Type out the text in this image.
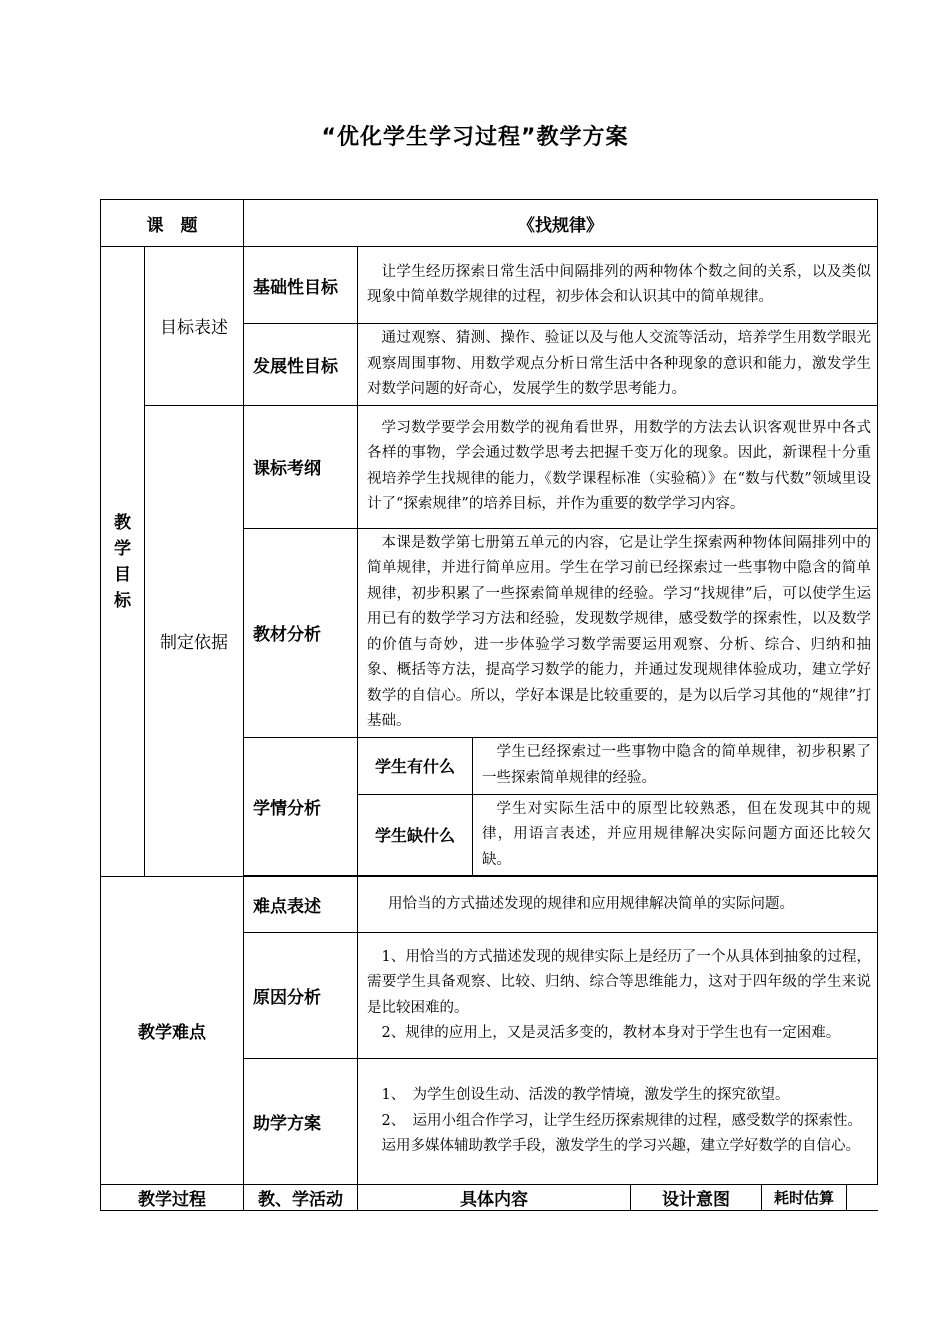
“优化学生学习过程”教学方案
课　题		《找规律》					
教学目标	目标表述	基础性目标	让学生经历探索日常生活中间隔排列的两种物体个数之间的关系，以及类似现象中简单数学规律的过程，初步体会和认识其中的简单规律。				
		发展性目标	通过观察、猜测、操作、验证以及与他人交流等活动，培养学生用数学眼光观察周围事物、用数学观点分析日常生活中各种现象的意识和能力，激发学生对数学问题的好奇心，发展学生的数学思考能力。				
	制定依据	课标考纲	学习数学要学会用数学的视角看世界，用数学的方法去认识客观世界中各式各样的事物，学会通过数学思考去把握千变万化的现象。因此，新课程十分重视培养学生找规律的能力，《数学课程标准（实验稿）》在“数与代数”领域里设计了“探索规律”的培养目标，并作为重要的数学学习内容。				
		教材分析	本课是数学第七册第五单元的内容，它是让学生探索两种物体间隔排列中的简单规律，并进行简单应用。学生在学习前已经探索过一些事物中隐含的简单规律，初步积累了一些探索简单规律的经验。学习“找规律”后，可以使学生运用已有的数学学习方法和经验，发现数学规律，感受数学的探索性，以及数学的价值与奇妙，进一步体验学习数学需要运用观察、分析、综合、归纳和抽象、概括等方法，提高学习数学的能力，并通过发现规律体验成功，建立学好数学的自信心。所以，学好本课是比较重要的，是为以后学习其他的“规律”打基础。				
		学情分析	学生有什么	学生已经探索过一些事物中隐含的简单规律，初步积累了一些探索简单规律的经验。			
			学生缺什么	学生对实际生活中的原型比较熟悉，但在发现其中的规律，用语言表述，并应用规律解决实际问题方面还比较欠缺。			

教学难点		难点表述	用恰当的方式描述发现的规律和应用规律解决简单的实际问题。				
		原因分析	1、用恰当的方式描述发现的规律实际上是经历了一个从具体到抽象的过程，需要学生具备观察、比较、归纳、综合等思维能力，这对于四年级的学生来说是比较困难的。

2、规律的应用上，又是灵活多变的，教材本身对于学生也有一定困难。				

		助学方案	1、　为学生创设生动、活泼的教学情境，激发学生的探究欲望。

2、　运用小组合作学习，让学生经历探索规律的过程，感受数学的探索性。

运用多媒体辅助教学手段，激发学生的学习兴趣，建立学好数学的自信心。				

教学过程		教、学活动	具体内容		设计意图	耗时估算	
